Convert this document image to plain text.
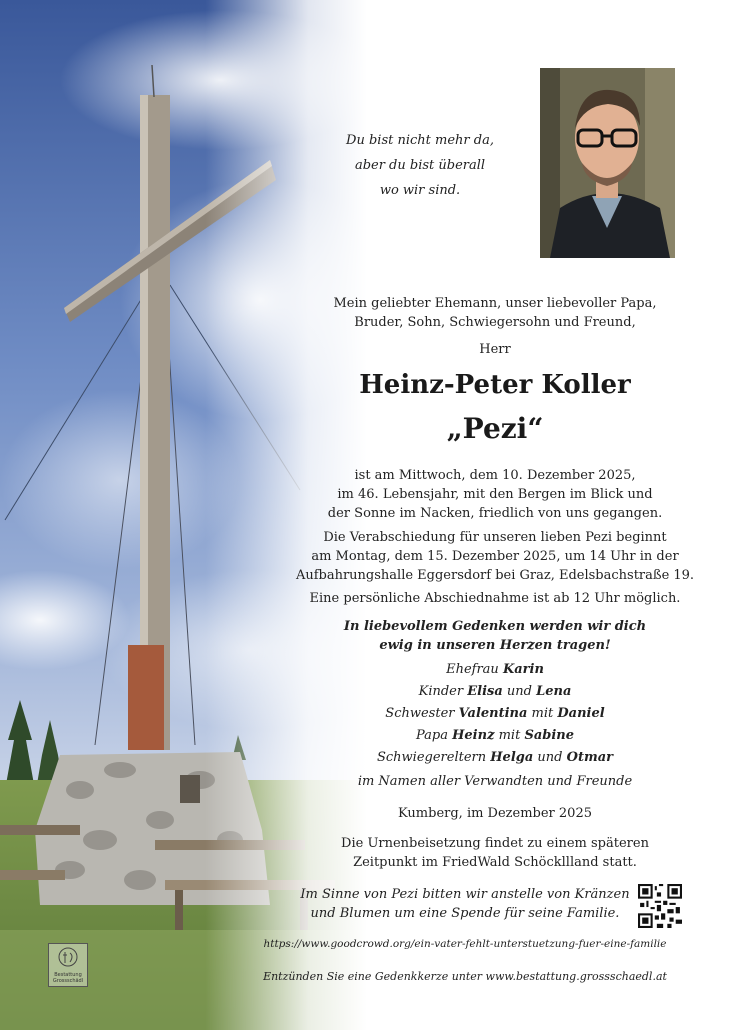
Du bist nicht mehr da,
aber du bist überall
wo wir sind.
Mein geliebter Ehemann, unser liebevoller Papa,
Bruder, Sohn, Schwiegersohn und Freund,
Herr
Heinz-Peter Koller
„Pezi“
ist am Mittwoch, dem 10. Dezember 2025,
im 46. Lebensjahr, mit den Bergen im Blick und
der Sonne im Nacken, friedlich von uns gegangen.
Die Verabschiedung für unseren lieben Pezi beginnt
am Montag, dem 15. Dezember 2025, um 14 Uhr in der
Aufbahrungshalle Eggersdorf bei Graz, Edelsbachstraße 19.
Eine persönliche Abschiednahme ist ab 12 Uhr möglich.
In liebevollem Gedenken werden wir dich
ewig in unseren Herzen tragen!
Ehefrau Karin
Kinder Elisa und Lena
Schwester Valentina mit Daniel
Papa Heinz mit Sabine
Schwiegereltern Helga und Otmar
im Namen aller Verwandten und Freunde
Kumberg, im Dezember 2025
Die Urnenbeisetzung findet zu einem späteren
Zeitpunkt im FriedWald Schöckllland statt.
Im Sinne von Pezi bitten wir anstelle von Kränzen
und Blumen um eine Spende für seine Familie.
https://www.goodcrowd.org/ein-vater-fehlt-unterstuetzung-fuer-eine-familie
Entzünden Sie eine Gedenkkerze unter www.bestattung.grossschaedl.at
Bestattung
Grossschädl
